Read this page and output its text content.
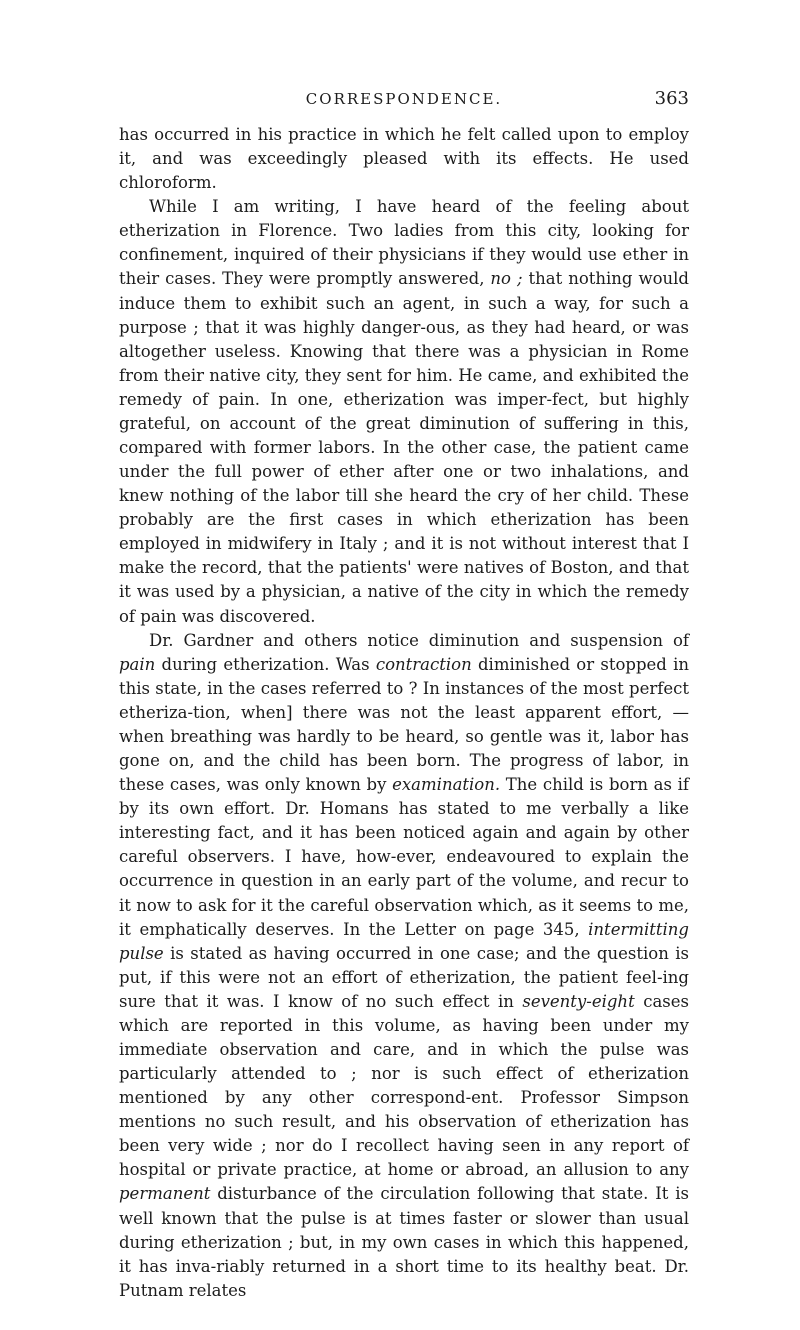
CORRESPONDENCE.	363

has occurred in his practice in which he felt called upon to employ it, and was exceedingly pleased with its effects. He used chloroform.

While I am writing, I have heard of the feeling about etherization in Florence. Two ladies from this city, looking for confinement, inquired of their physicians if they would use ether in their cases. They were promptly answered, no ; that nothing would induce them to exhibit such an agent, in such a way, for such a purpose ; that it was highly danger-ous, as they had heard, or was altogether useless. Knowing that there was a physician in Rome from their native city, they sent for him. He came, and exhibited the remedy of pain. In one, etherization was imper-fect, but highly grateful, on account of the great diminution of suffering in this, compared with former labors. In the other case, the patient came under the full power of ether after one or two inhalations, and knew nothing of the labor till she heard the cry of her child. These probably are the first cases in which etherization has been employed in midwifery in Italy ; and it is not without interest that I make the record, that the patients' were natives of Boston, and that it was used by a physician, a native of the city in which the remedy of pain was discovered.

Dr. Gardner and others notice diminution and suspension of pain during etherization. Was contraction diminished or stopped in this state, in the cases referred to ? In instances of the most perfect etheriza-tion, when] there was not the least apparent effort, — when breathing was hardly to be heard, so gentle was it, labor has gone on, and the child has been born. The progress of labor, in these cases, was only known by examination. The child is born as if by its own effort. Dr. Homans has stated to me verbally a like interesting fact, and it has been noticed again and again by other careful observers. I have, how-ever, endeavoured to explain the occurrence in question in an early part of the volume, and recur to it now to ask for it the careful observation which, as it seems to me, it emphatically deserves. In the Letter on page 345, intermitting pulse is stated as having occurred in one case; and the question is put, if this were not an effort of etherization, the patient feel-ing sure that it was. I know of no such effect in seventy-eight cases which are reported in this volume, as having been under my immediate observation and care, and in which the pulse was particularly attended to ; nor is such effect of etherization mentioned by any other correspond-ent. Professor Simpson mentions no such result, and his observation of etherization has been very wide ; nor do I recollect having seen in any report of hospital or private practice, at home or abroad, an allusion to any permanent disturbance of the circulation following that state. It is well known that the pulse is at times faster or slower than usual during etherization ; but, in my own cases in which this happened, it has inva-riably returned in a short time to its healthy beat. Dr. Putnam relates
